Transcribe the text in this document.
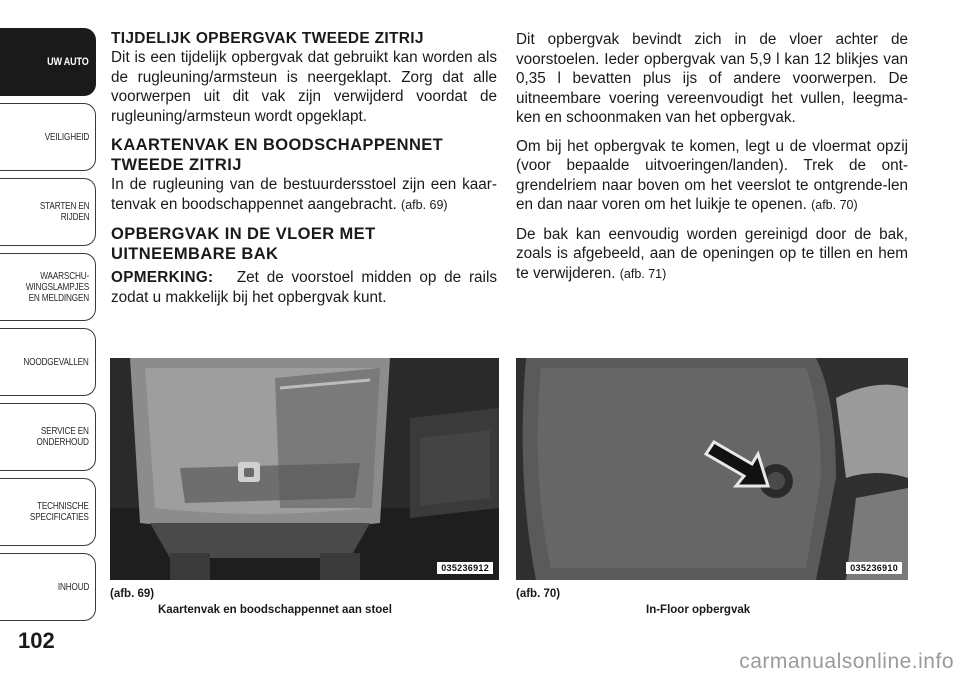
UW AUTO
VEILIGHEID
STARTEN EN
RIJDEN
WAARSCHU-
WINGSLAMPJES
EN MELDINGEN
NOODGEVALLEN
SERVICE EN
ONDERHOUD
TECHNISCHE
SPECIFICATIES
INHOUD
102
TIJDELIJK OPBERGVAK TWEEDE ZITRIJ

Dit is een tijdelijk opbergvak dat gebruikt kan worden als de rugleuning/armsteun is neergeklapt. Zorg dat alle voorwerpen uit dit vak zijn verwijderd voordat de rugleuning/armsteun wordt opgeklapt.

KAARTENVAK EN BOODSCHAPPENNET
TWEEDE ZITRIJ

In de rugleuning van de bestuurdersstoel zijn een kaar-tenvak en boodschappennet aangebracht. (afb. 69)

OPBERGVAK IN DE VLOER MET
UITNEEMBARE BAK

OPMERKING: Zet de voorstoel midden op de rails zodat u makkelijk bij het opbergvak kunt.

Dit opbergvak bevindt zich in de vloer achter de voorstoelen. Ieder opbergvak van 5,9 l kan 12 blikjes van 0,35 l bevatten plus ijs of andere voorwerpen. De uitneembare voering vereenvoudigt het vullen, leegma-ken en schoonmaken van het opbergvak.

Om bij het opbergvak te komen, legt u de vloermat opzij (voor bepaalde uitvoeringen/landen). Trek de ont-grendelriem naar boven om het veerslot te ontgrende-len en dan naar voren om het luikje te openen. (afb. 70)

De bak kan eenvoudig worden gereinigd door de bak, zoals is afgebeeld, aan de openingen op te tillen en hem te verwijderen. (afb. 71)

035236912	035236910
(afb. 69)
Kaartenvak en boodschappennet aan stoel
(afb. 70)
In-Floor opbergvak
carmanualsonline.info
